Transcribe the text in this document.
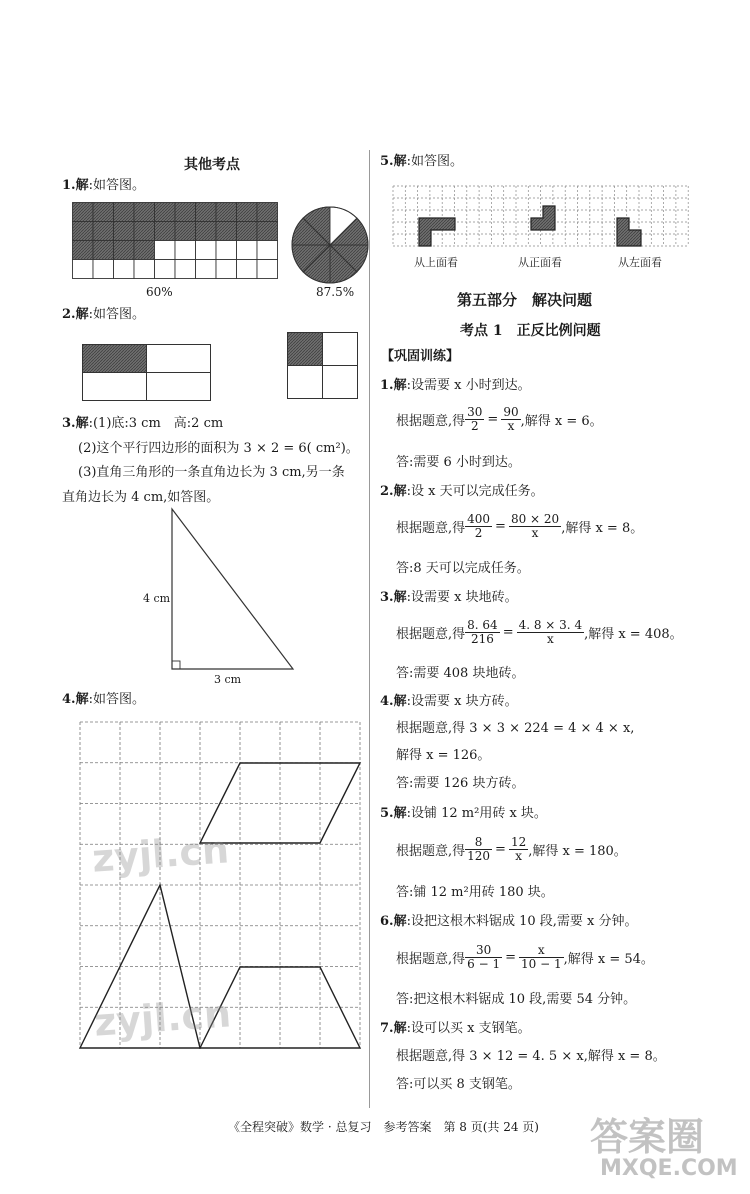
其他考点
1.解:如答图。
60%	87.5%
2.解:如答图。
3.解:(1)底:3 cm　高:2 cm
(2)这个平行四边形的面积为 3 × 2 = 6( cm²)。
(3)直角三角形的一条直角边长为 3 cm,另一条
直角边长为 4 cm,如答图。
4 cm
3 cm
4.解:如答图。
zyjl.cn
zyjl.cn
5.解:如答图。
从上面看	从正面看	从左面看
第五部分　解决问题
考点 1　正反比例问题
【巩固训练】
1.解:设需要 x 小时到达。
根据题意,得 $\frac{30}{2} = \frac{90}{x}$ ,解得 x = 6。
答:需要 6 小时到达。
2.解:设 x 天可以完成任务。
根据题意,得 $\frac{400}{2} = \frac{80 \times 20}{x}$ ,解得 x = 8。
答:8 天可以完成任务。
3.解:设需要 x 块地砖。
根据题意,得 $\frac{8. 64}{216} = \frac{4. 8 \times 3. 4}{x}$ ,解得 x = 408。
答:需要 408 块地砖。
4.解:设需要 x 块方砖。
根据题意,得 3 × 3 × 224 = 4 × 4 × x,
解得 x = 126。
答:需要 126 块方砖。
5.解:设铺 12 m²用砖 x 块。
根据题意,得 $\frac{8}{120} = \frac{12}{x}$ ,解得 x = 180。
答:铺 12 m²用砖 180 块。
6.解:设把这根木料锯成 10 段,需要 x 分钟。
根据题意,得 $\frac{30}{6 - 1} = \frac{x}{10 - 1}$ ,解得 x = 54。
答:把这根木料锯成 10 段,需要 54 分钟。
7.解:设可以买 x 支钢笔。
根据题意,得 3 × 12 = 4. 5 × x,解得 x = 8。
答:可以买 8 支钢笔。
《全程突破》数学 · 总复习　参考答案　第 8 页(共 24 页) 答案圈
MXQE.COM
